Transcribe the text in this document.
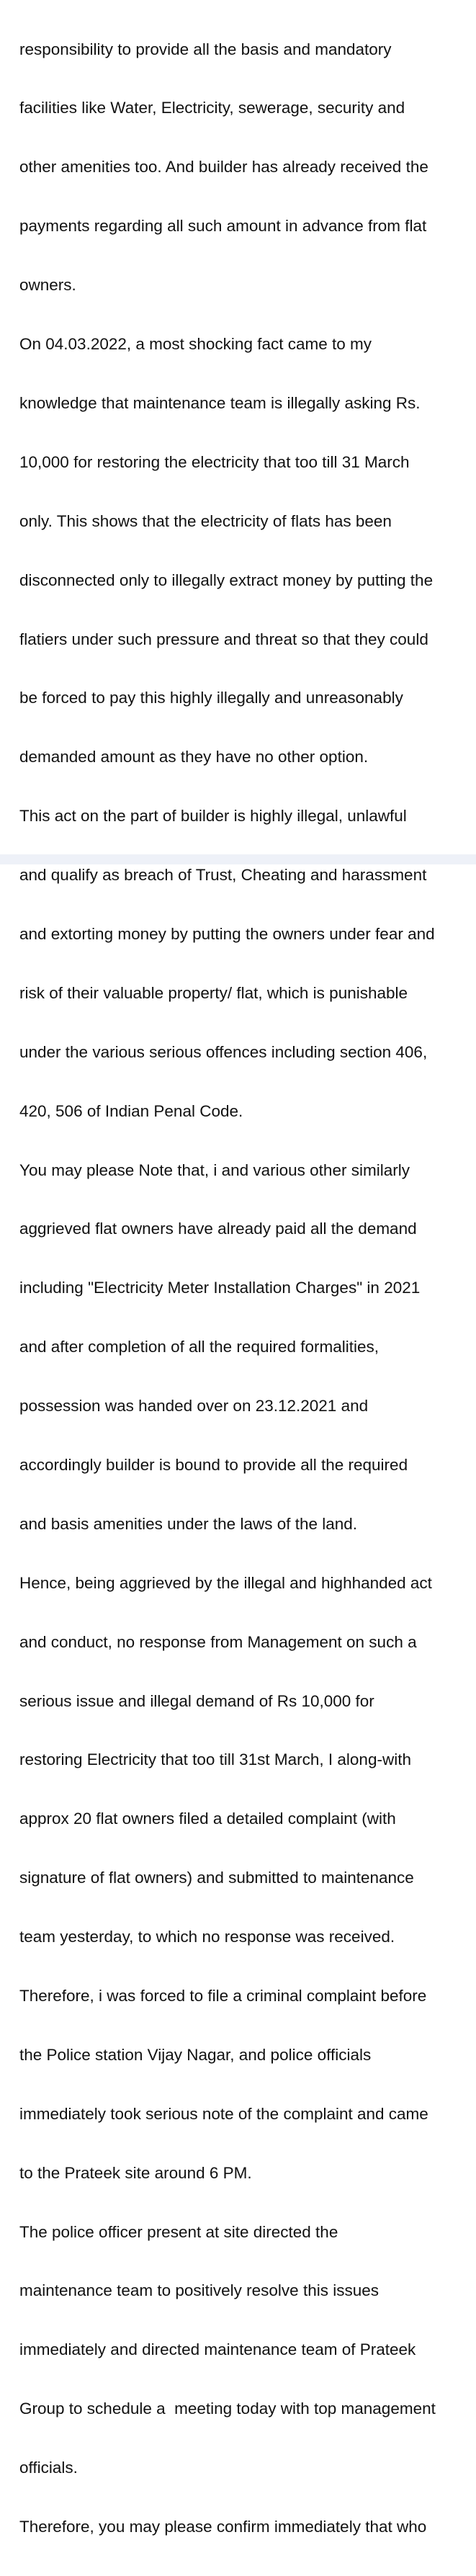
responsibility to provide all the basis and mandatory

facilities like Water, Electricity, sewerage, security and

other amenities too. And builder has already received the

payments regarding all such amount in advance from flat

owners.

On 04.03.2022, a most shocking fact came to my

knowledge that maintenance team is illegally asking Rs.

10,000 for restoring the electricity that too till 31 March

only. This shows that the electricity of flats has been

disconnected only to illegally extract money by putting the

flatiers under such pressure and threat so that they could

be forced to pay this highly illegally and unreasonably

demanded amount as they have no other option.

This act on the part of builder is highly illegal, unlawful

and qualify as breach of Trust, Cheating and harassment

and extorting money by putting the owners under fear and

risk of their valuable property/ flat, which is punishable

under the various serious offences including section 406,

420, 506 of Indian Penal Code.

You may please Note that, i and various other similarly

aggrieved flat owners have already paid all the demand

including "Electricity Meter Installation Charges" in 2021

and after completion of all the required formalities,

possession was handed over on 23.12.2021 and

accordingly builder is bound to provide all the required

and basis amenities under the laws of the land.

Hence, being aggrieved by the illegal and highhanded act

and conduct, no response from Management on such a

serious issue and illegal demand of Rs 10,000 for

restoring Electricity that too till 31st March, I along-with

approx 20 flat owners filed a detailed complaint (with

signature of flat owners) and submitted to maintenance

team yesterday, to which no response was received.

Therefore, i was forced to file a criminal complaint before

the Police station Vijay Nagar, and police officials

immediately took serious note of the complaint and came

to the Prateek site around 6 PM.

The police officer present at site directed the

maintenance team to positively resolve this issues

immediately and directed maintenance team of Prateek

Group to schedule a  meeting today with top management

officials.

Therefore, you may please confirm immediately that who
